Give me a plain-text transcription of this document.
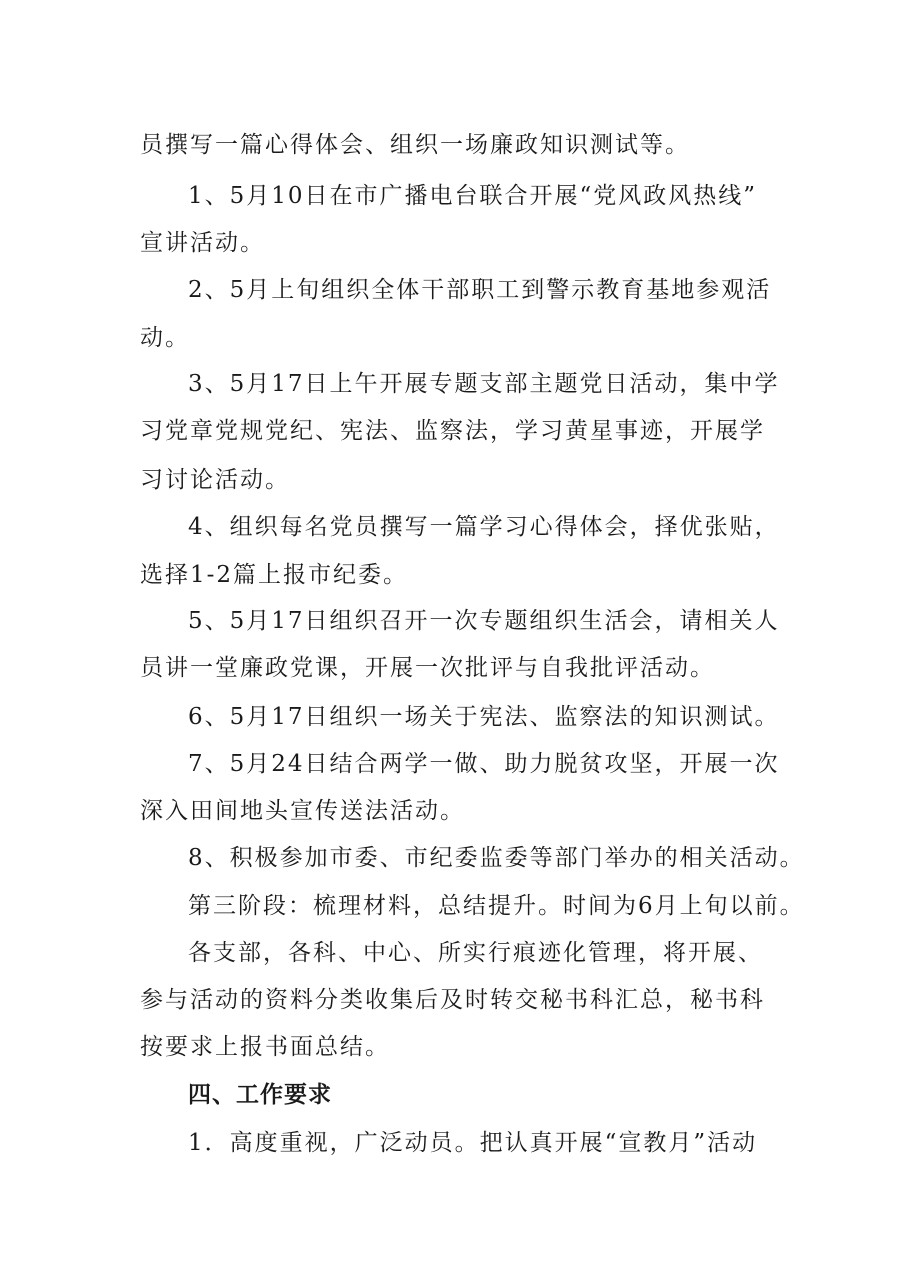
员撰写一篇心得体会、组织一场廉政知识测试等。
1、5月10日在市广播电台联合开展“党风政风热线”
宣讲活动。
2、5月上旬组织全体干部职工到警示教育基地参观活
动。
3、5月17日上午开展专题支部主题党日活动，集中学
习党章党规党纪、宪法、监察法，学习黄星事迹，开展学
习讨论活动。
4、组织每名党员撰写一篇学习心得体会，择优张贴，
选择1-2篇上报市纪委。
5、5月17日组织召开一次专题组织生活会，请相关人
员讲一堂廉政党课，开展一次批评与自我批评活动。
6、5月17日组织一场关于宪法、监察法的知识测试。
7、5月24日结合两学一做、助力脱贫攻坚，开展一次
深入田间地头宣传送法活动。
8、积极参加市委、市纪委监委等部门举办的相关活动。
第三阶段：梳理材料，总结提升。时间为6月上旬以前。
各支部，各科、中心、所实行痕迹化管理，将开展、
参与活动的资料分类收集后及时转交秘书科汇总，秘书科
按要求上报书面总结。
四、工作要求
1．高度重视，广泛动员。把认真开展“宣教月”活动
